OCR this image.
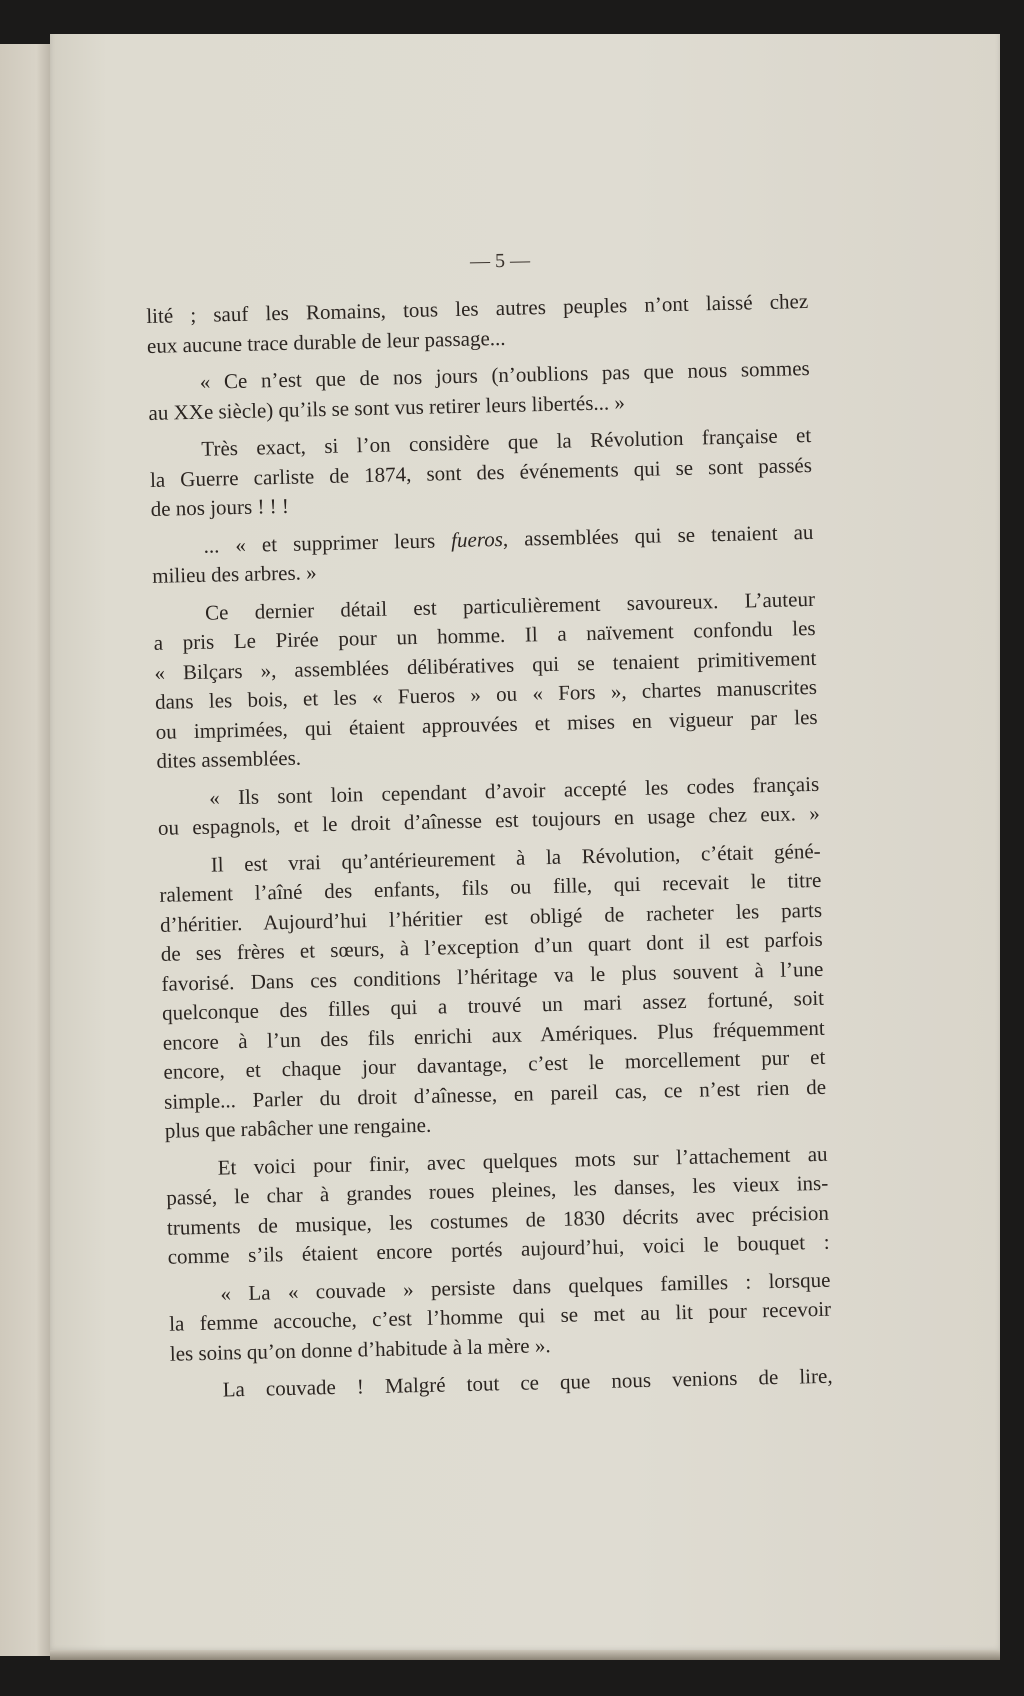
— 5 —
lité ; sauf les Romains, tous les autres peuples n’ont laissé chez
eux aucune trace durable de leur passage...
« Ce n’est que de nos jours (n’oublions pas que nous sommes
au XXe siècle) qu’ils se sont vus retirer leurs libertés... »
Très exact, si l’on considère que la Révolution française et
la Guerre carliste de 1874, sont des événements qui se sont passés
de nos jours ! ! !
... « et supprimer leurs fueros, assemblées qui se tenaient au
milieu des arbres. »
Ce dernier détail est particulièrement savoureux. L’auteur
a pris Le Pirée pour un homme. Il a naïvement confondu les
« Bilçars », assemblées délibératives qui se tenaient primitivement
dans les bois, et les « Fueros » ou « Fors », chartes manuscrites
ou imprimées, qui étaient approuvées et mises en vigueur par les
dites assemblées.
« Ils sont loin cependant d’avoir accepté les codes français
ou espagnols, et le droit d’aînesse est toujours en usage chez eux. »
Il est vrai qu’antérieurement à la Révolution, c’était géné-
ralement l’aîné des enfants, fils ou fille, qui recevait le titre
d’héritier. Aujourd’hui l’héritier est obligé de racheter les parts
de ses frères et sœurs, à l’exception d’un quart dont il est parfois
favorisé. Dans ces conditions l’héritage va le plus souvent à l’une
quelconque des filles qui a trouvé un mari assez fortuné, soit
encore à l’un des fils enrichi aux Amériques. Plus fréquemment
encore, et chaque jour davantage, c’est le morcellement pur et
simple... Parler du droit d’aînesse, en pareil cas, ce n’est rien de
plus que rabâcher une rengaine.
Et voici pour finir, avec quelques mots sur l’attachement au
passé, le char à grandes roues pleines, les danses, les vieux ins-
truments de musique, les costumes de 1830 décrits avec précision
comme s’ils étaient encore portés aujourd’hui, voici le bouquet :
« La « couvade » persiste dans quelques familles : lorsque
la femme accouche, c’est l’homme qui se met au lit pour recevoir
les soins qu’on donne d’habitude à la mère ».
La couvade ! Malgré tout ce que nous venions de lire,
